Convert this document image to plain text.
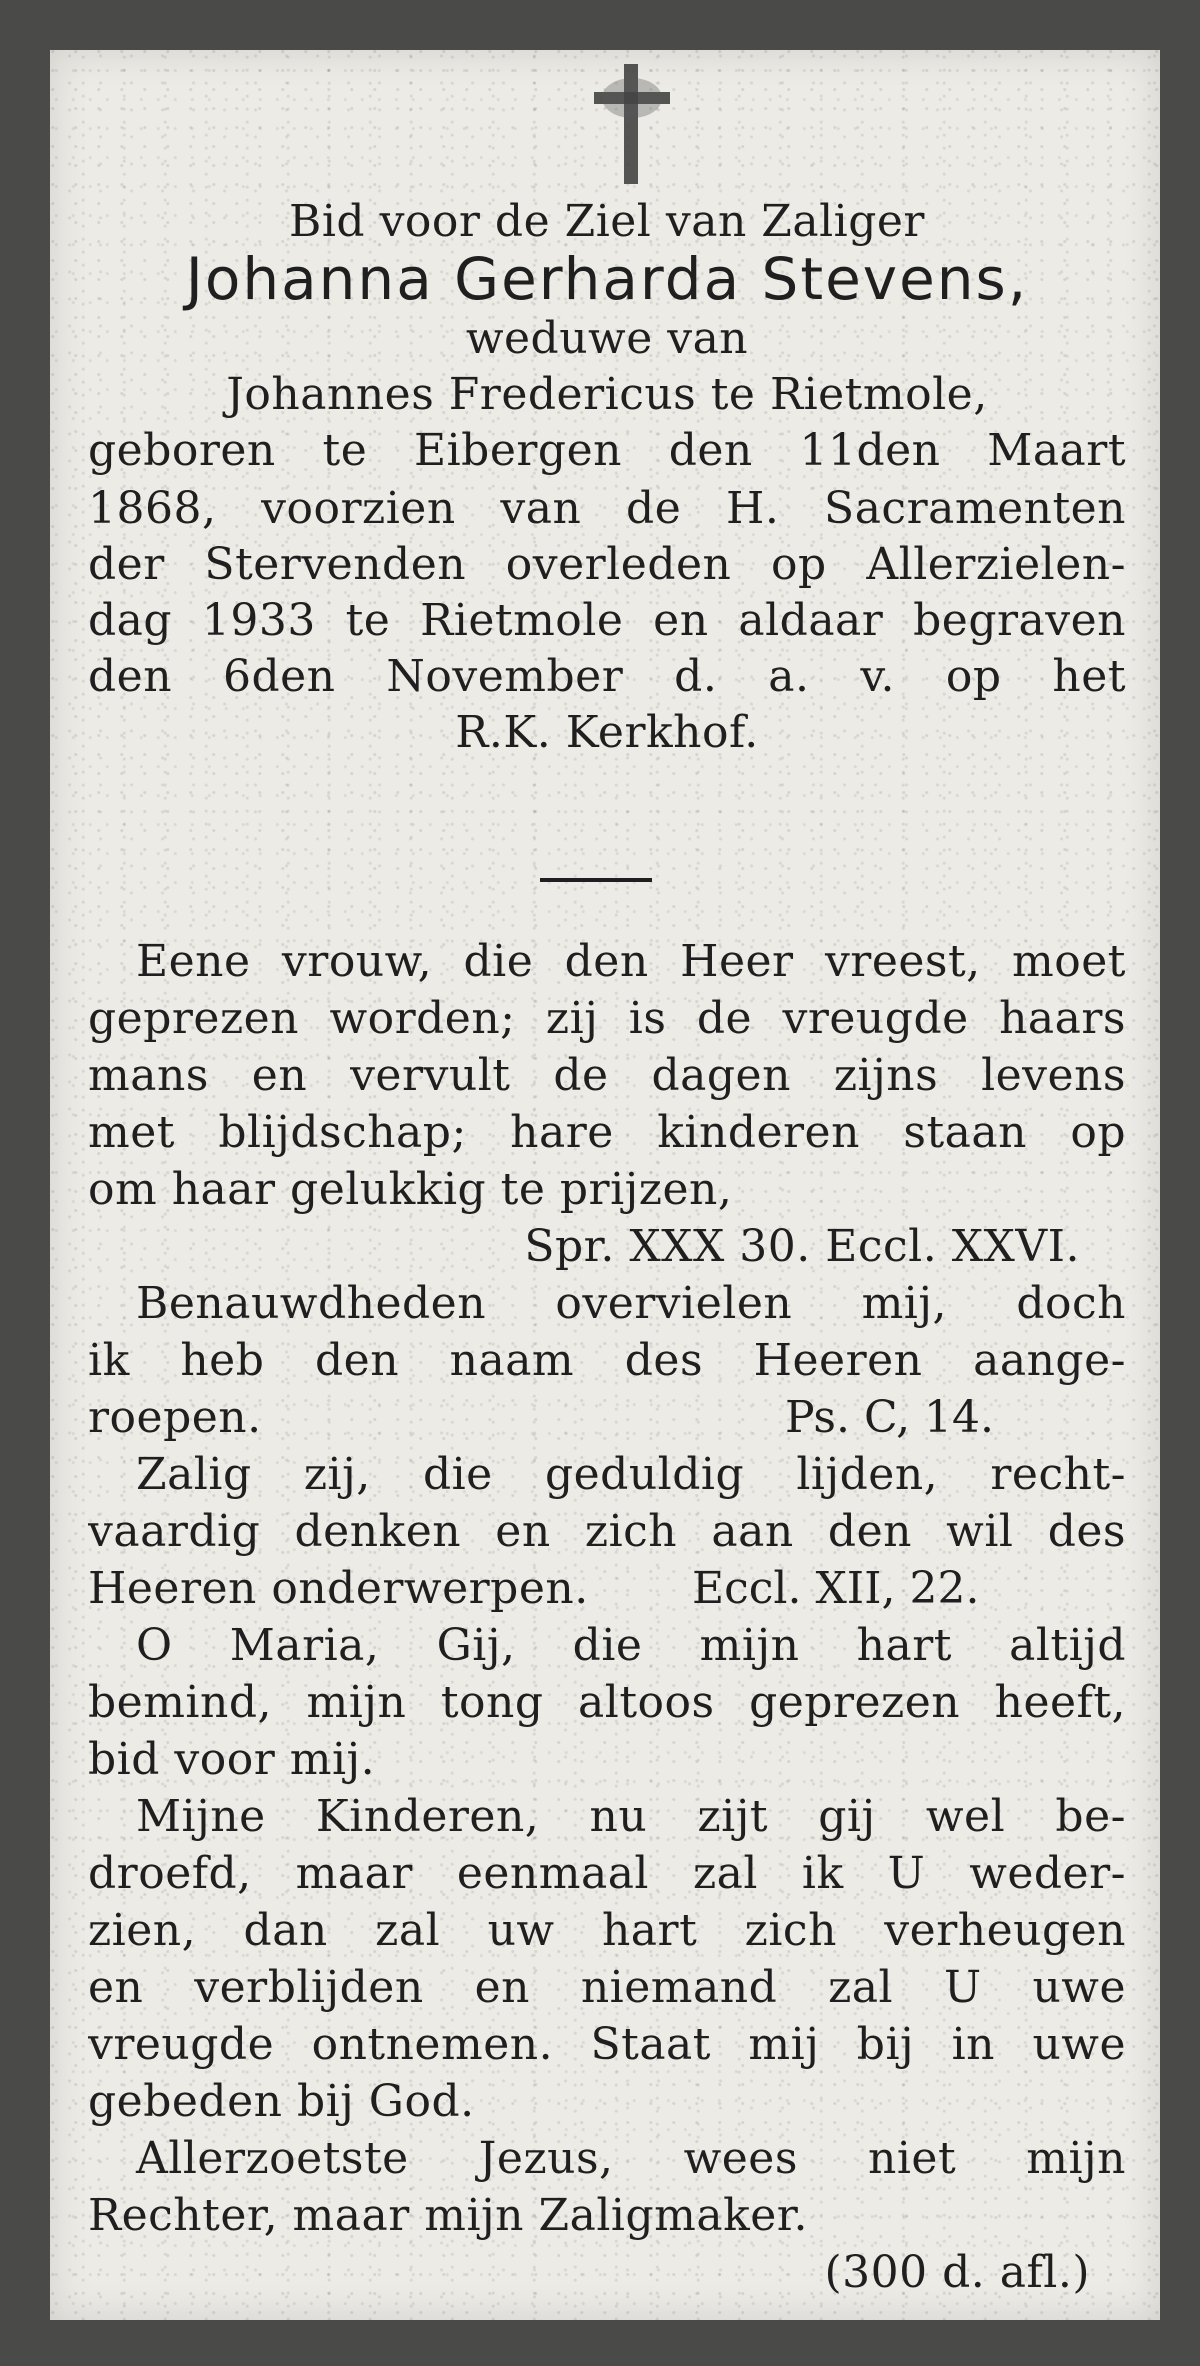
Bid voor de Ziel van Zaliger
Johanna Gerharda Stevens,
weduwe van
Johannes Fredericus te Rietmole,
geboren te Eibergen den 11den Maart
1868, voorzien van de H. Sacramenten
der Stervenden overleden op Allerzielen-
dag 1933 te Rietmole en aldaar begraven
den 6den November d. a. v. op het
R.K. Kerkhof.
Eene vrouw, die den Heer vreest, moet
geprezen worden; zij is de vreugde haars
mans en vervult de dagen zijns levens
met blijdschap; hare kinderen staan op
om haar gelukkig te prijzen,
Spr. XXX 30. Eccl. XXVI.
Benauwdheden overvielen mij, doch
ik heb den naam des Heeren aange-
roepen.	Ps. C, 14.
Zalig zij, die geduldig lijden, recht-
vaardig denken en zich aan den wil des
Heeren onderwerpen.	Eccl. XII, 22.
O Maria, Gij, die mijn hart altijd
bemind, mijn tong altoos geprezen heeft,
bid voor mij.
Mijne Kinderen, nu zijt gij wel be-
droefd, maar eenmaal zal ik U weder-
zien, dan zal uw hart zich verheugen
en verblijden en niemand zal U uwe
vreugde ontnemen. Staat mij bij in uwe
gebeden bij God.
Allerzoetste Jezus, wees niet mijn
Rechter, maar mijn Zaligmaker.
(300 d. afl.)
